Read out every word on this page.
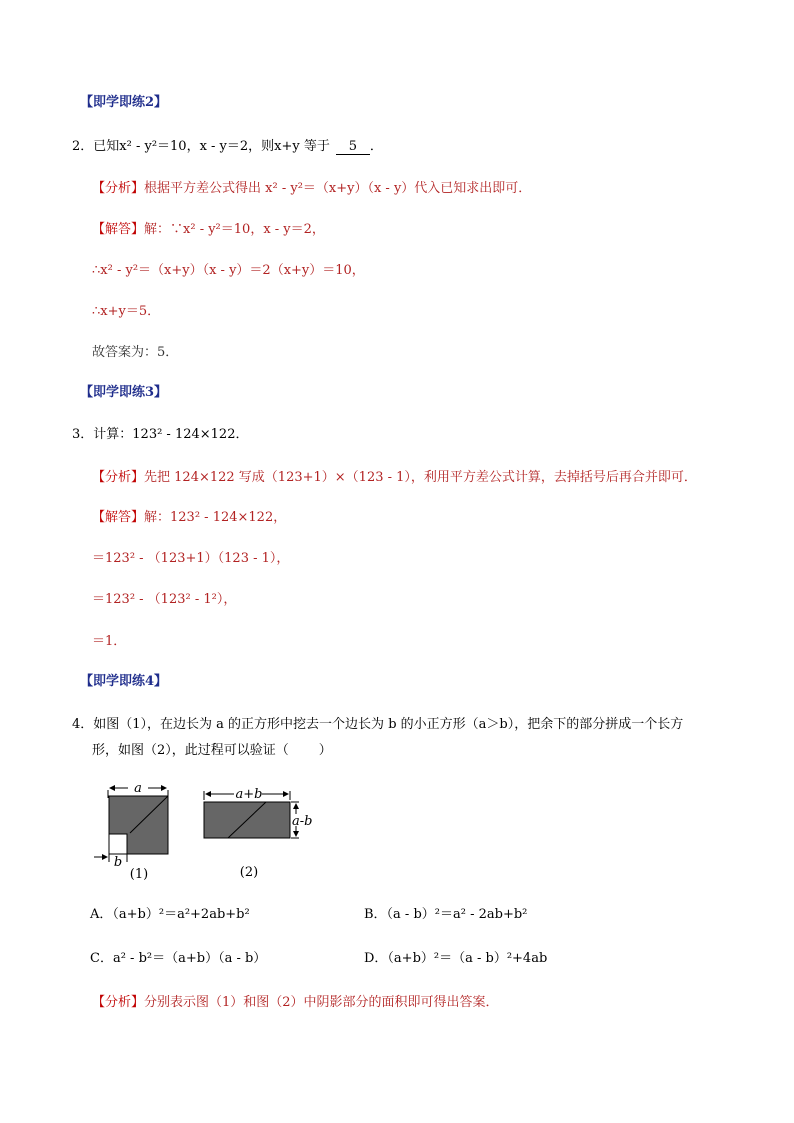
【即学即练2】
2．已知x² - y²＝10，x - y＝2，则x+y 等于 5 ．
【分析】根据平方差公式得出 x² - y²＝（x+y）（x - y）代入已知求出即可．
【解答】解：∵x² - y²＝10，x - y＝2，
∴x² - y²＝（x+y）（x - y）＝2（x+y）＝10，
∴x+y＝5．
故答案为：5．
【即学即练3】
3．计算：123² - 124×122．
【分析】先把 124×122 写成（123+1）×（123 - 1），利用平方差公式计算，去掉括号后再合并即可．
【解答】解：123² - 124×122，
＝123² - （123+1）（123 - 1），
＝123² - （123² - 1²），
＝1．
【即学即练4】
4．如图（1），在边长为 a 的正方形中挖去一个边长为 b 的小正方形（a＞b），把余下的部分拼成一个长方
形，如图（2），此过程可以验证（ ）
a
b
(1)
a+b
a-b
(2)
A．（a+b）²＝a²+2ab+b²	B．（a - b）²＝a² - 2ab+b²
C．a² - b²＝（a+b）（a - b）	D．（a+b）²＝（a - b）²+4ab
【分析】分别表示图（1）和图（2）中阴影部分的面积即可得出答案．
